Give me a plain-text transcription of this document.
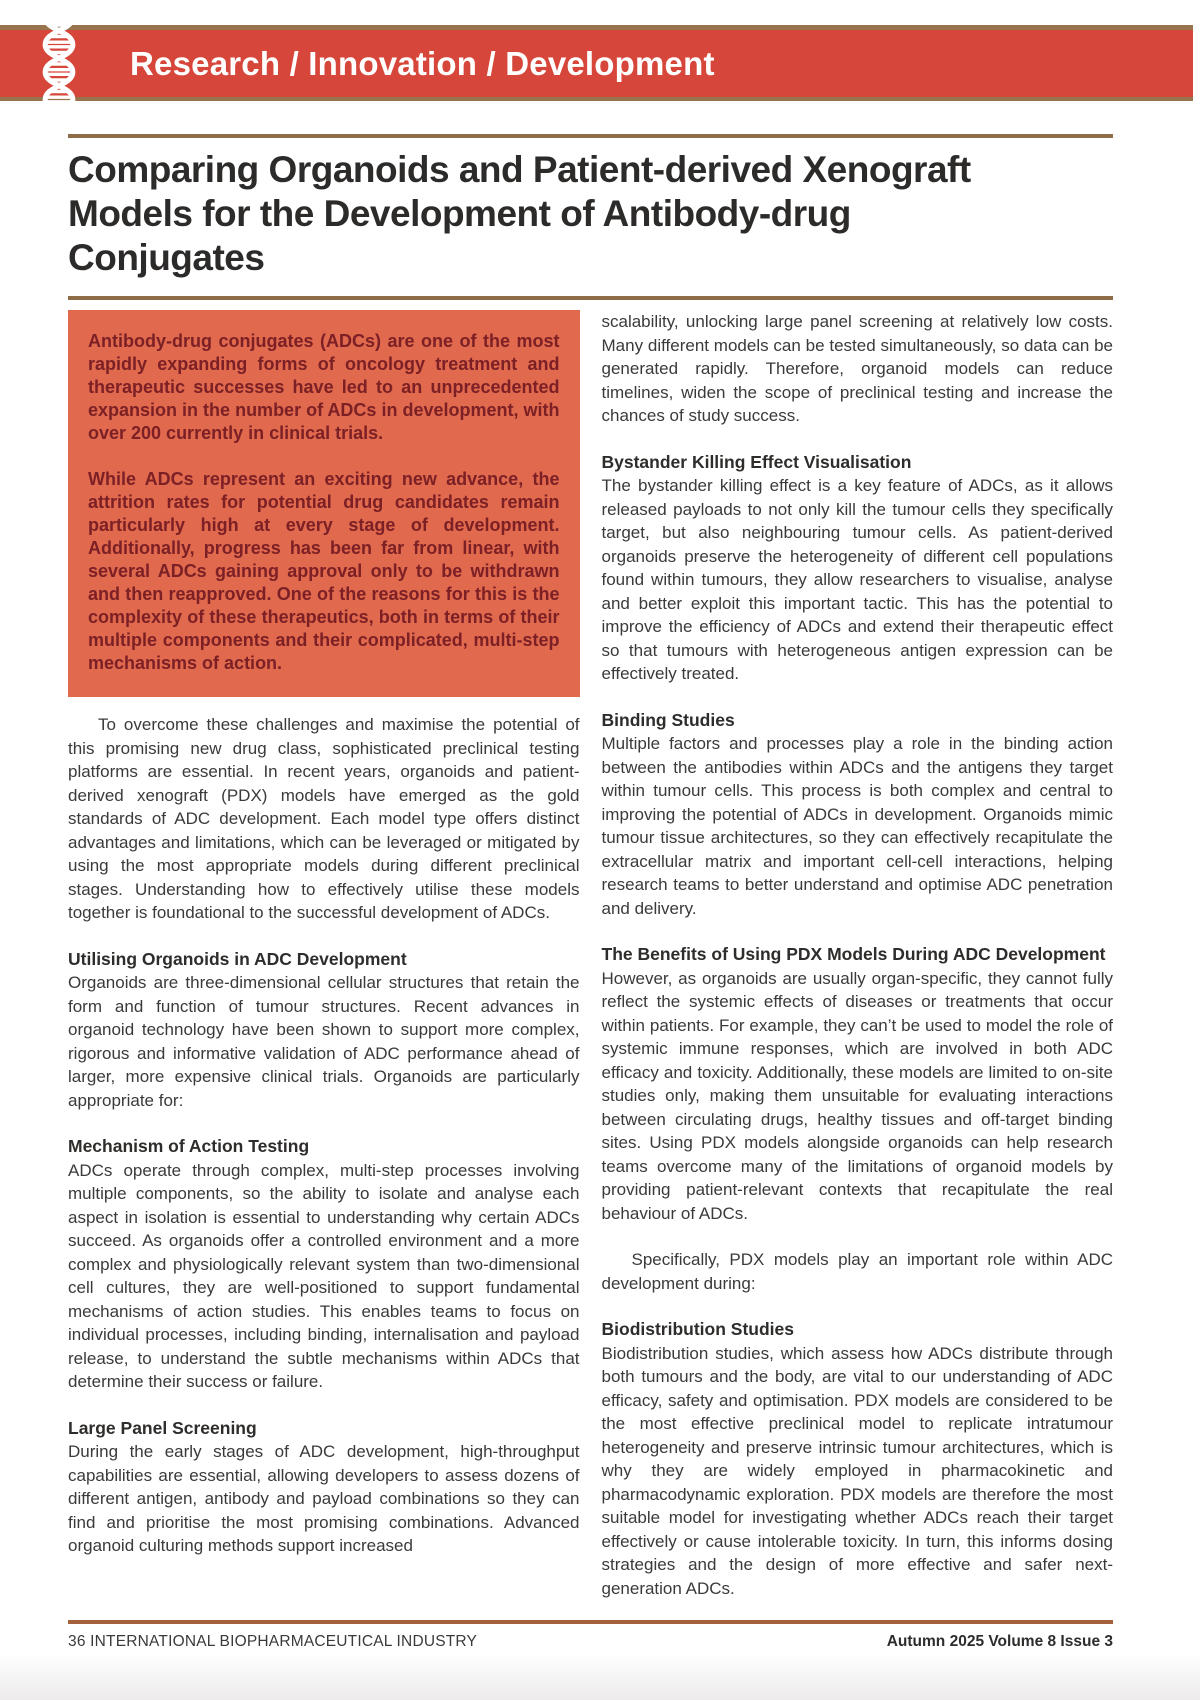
Research / Innovation / Development
Comparing Organoids and Patient-derived Xenograft Models for the Development of Antibody-drug Conjugates

Antibody-drug conjugates (ADCs) are one of the most rapidly expanding forms of oncology treatment and therapeutic successes have led to an unprecedented expansion in the number of ADCs in development, with over 200 currently in clinical trials.

While ADCs represent an exciting new advance, the attrition rates for potential drug candidates remain particularly high at every stage of development. Additionally, progress has been far from linear, with several ADCs gaining approval only to be withdrawn and then reapproved. One of the reasons for this is the complexity of these therapeutics, both in terms of their multiple components and their complicated, multi-step mechanisms of action.

To overcome these challenges and maximise the potential of this promising new drug class, sophisticated preclinical testing platforms are essential. In recent years, organoids and patient-derived xenograft (PDX) models have emerged as the gold standards of ADC development. Each model type offers distinct advantages and limitations, which can be leveraged or mitigated by using the most appropriate models during different preclinical stages. Understanding how to effectively utilise these models together is foundational to the successful development of ADCs.

Utilising Organoids in ADC Development

Organoids are three-dimensional cellular structures that retain the form and function of tumour structures. Recent advances in organoid technology have been shown to support more complex, rigorous and informative validation of ADC performance ahead of larger, more expensive clinical trials. Organoids are particularly appropriate for:

Mechanism of Action Testing

ADCs operate through complex, multi-step processes involving multiple components, so the ability to isolate and analyse each aspect in isolation is essential to understanding why certain ADCs succeed. As organoids offer a controlled environment and a more complex and physiologically relevant system than two-dimensional cell cultures, they are well-positioned to support fundamental mechanisms of action studies. This enables teams to focus on individual processes, including binding, internalisation and payload release, to understand the subtle mechanisms within ADCs that determine their success or failure.

Large Panel Screening

During the early stages of ADC development, high-throughput capabilities are essential, allowing developers to assess dozens of different antigen, antibody and payload combinations so they can find and prioritise the most promising combinations. Advanced organoid culturing methods support increased

scalability, unlocking large panel screening at relatively low costs. Many different models can be tested simultaneously, so data can be generated rapidly. Therefore, organoid models can reduce timelines, widen the scope of preclinical testing and increase the chances of study success.

Bystander Killing Effect Visualisation

The bystander killing effect is a key feature of ADCs, as it allows released payloads to not only kill the tumour cells they specifically target, but also neighbouring tumour cells. As patient-derived organoids preserve the heterogeneity of different cell populations found within tumours, they allow researchers to visualise, analyse and better exploit this important tactic. This has the potential to improve the efficiency of ADCs and extend their therapeutic effect so that tumours with heterogeneous antigen expression can be effectively treated.

Binding Studies

Multiple factors and processes play a role in the binding action between the antibodies within ADCs and the antigens they target within tumour cells. This process is both complex and central to improving the potential of ADCs in development. Organoids mimic tumour tissue architectures, so they can effectively recapitulate the extracellular matrix and important cell-cell interactions, helping research teams to better understand and optimise ADC penetration and delivery.

The Benefits of Using PDX Models During ADC Development

However, as organoids are usually organ-specific, they cannot fully reflect the systemic effects of diseases or treatments that occur within patients. For example, they can’t be used to model the role of systemic immune responses, which are involved in both ADC efficacy and toxicity. Additionally, these models are limited to on-site studies only, making them unsuitable for evaluating interactions between circulating drugs, healthy tissues and off-target binding sites. Using PDX models alongside organoids can help research teams overcome many of the limitations of organoid models by providing patient-relevant contexts that recapitulate the real behaviour of ADCs.

Specifically, PDX models play an important role within ADC development during:

Biodistribution Studies

Biodistribution studies, which assess how ADCs distribute through both tumours and the body, are vital to our understanding of ADC efficacy, safety and optimisation. PDX models are considered to be the most effective preclinical model to replicate intratumour heterogeneity and preserve intrinsic tumour architectures, which is why they are widely employed in pharmacokinetic and pharmacodynamic exploration. PDX models are therefore the most suitable model for investigating whether ADCs reach their target effectively or cause intolerable toxicity. In turn, this informs dosing strategies and the design of more effective and safer next-generation ADCs.

36 INTERNATIONAL BIOPHARMACEUTICAL INDUSTRY	Autumn 2025 Volume 8 Issue 3
